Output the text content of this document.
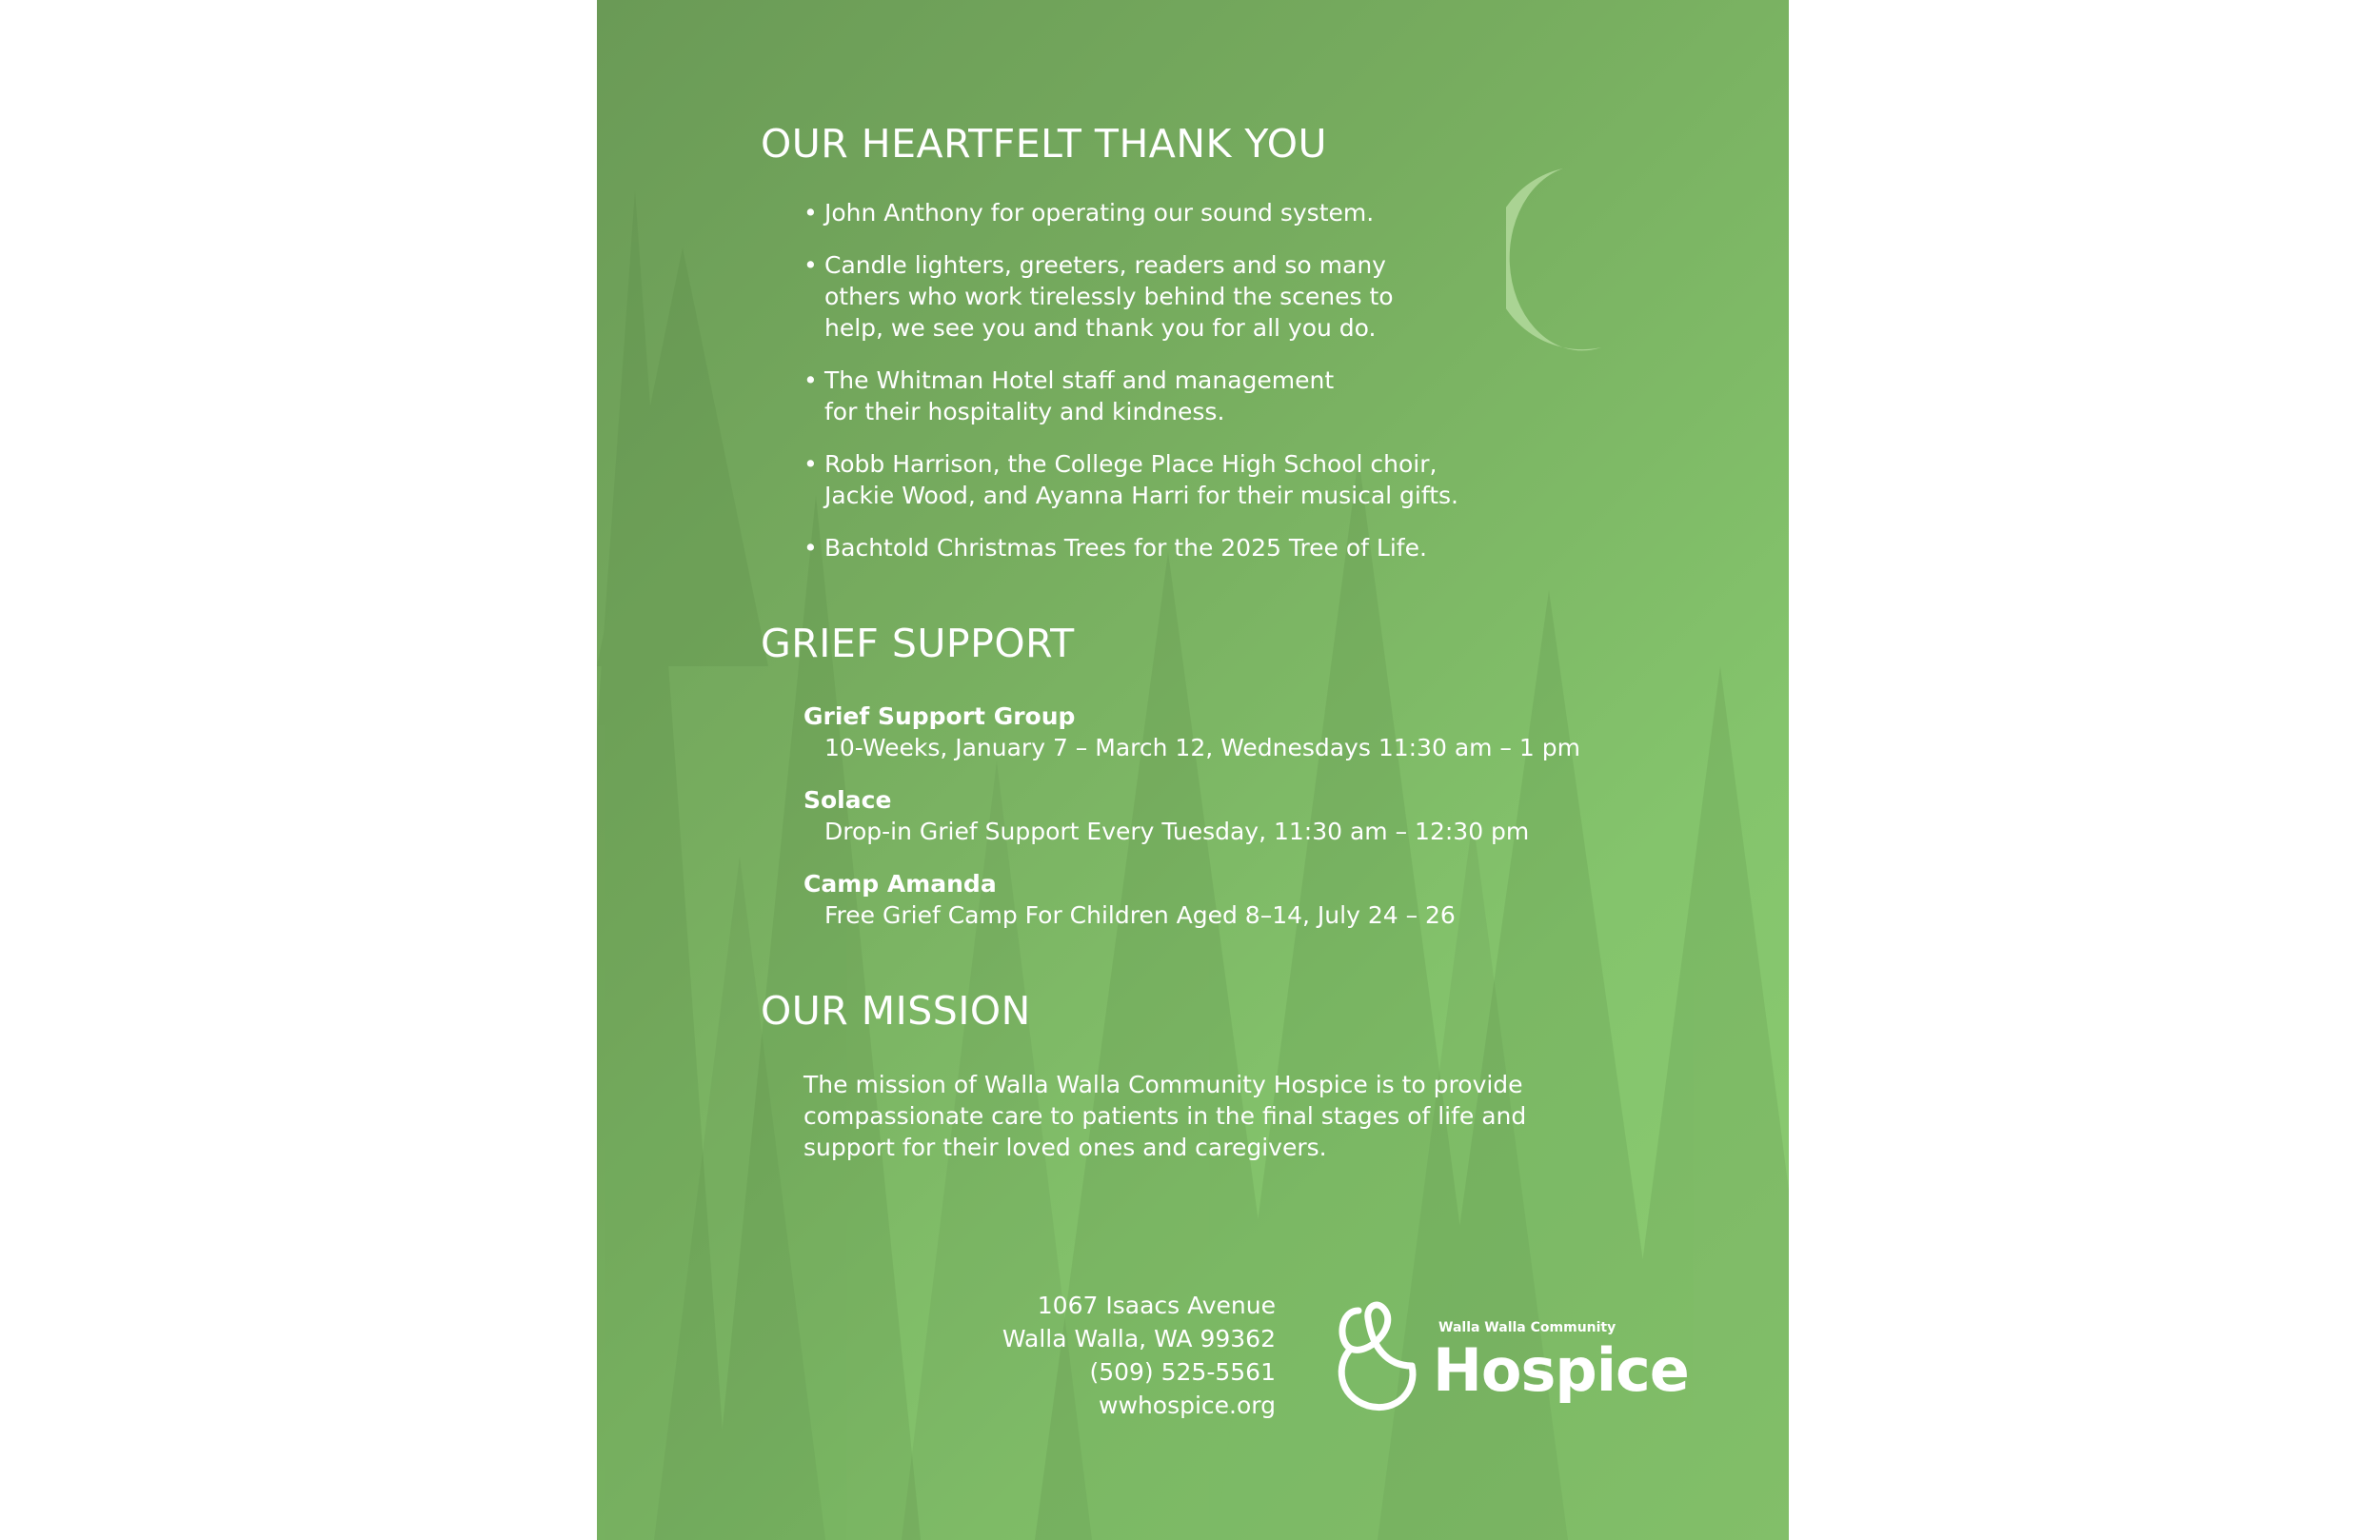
OUR HEARTFELT THANK YOU
• John Anthony for operating our sound system.
• Candle lighters, greeters, readers and so many
others who work tirelessly behind the scenes to
help, we see you and thank you for all you do.
• The Whitman Hotel staff and management
for their hospitality and kindness.
• Robb Harrison, the College Place High School choir,
Jackie Wood, and Ayanna Harri for their musical gifts.
• Bachtold Christmas Trees for the 2025 Tree of Life.
GRIEF SUPPORT
Grief Support Group
10-Weeks, January 7 – March 12, Wednesdays 11:30 am – 1 pm
Solace
Drop-in Grief Support Every Tuesday, 11:30 am – 12:30 pm
Camp Amanda
Free Grief Camp For Children Aged 8–14, July 24 – 26
OUR MISSION

The mission of Walla Walla Community Hospice is to provide compassionate care to patients in the final stages of life and support for their loved ones and caregivers.

1067 Isaacs Avenue
Walla Walla, WA 99362
(509) 525-5561
wwhospice.org
Walla Walla Community
Hospice
